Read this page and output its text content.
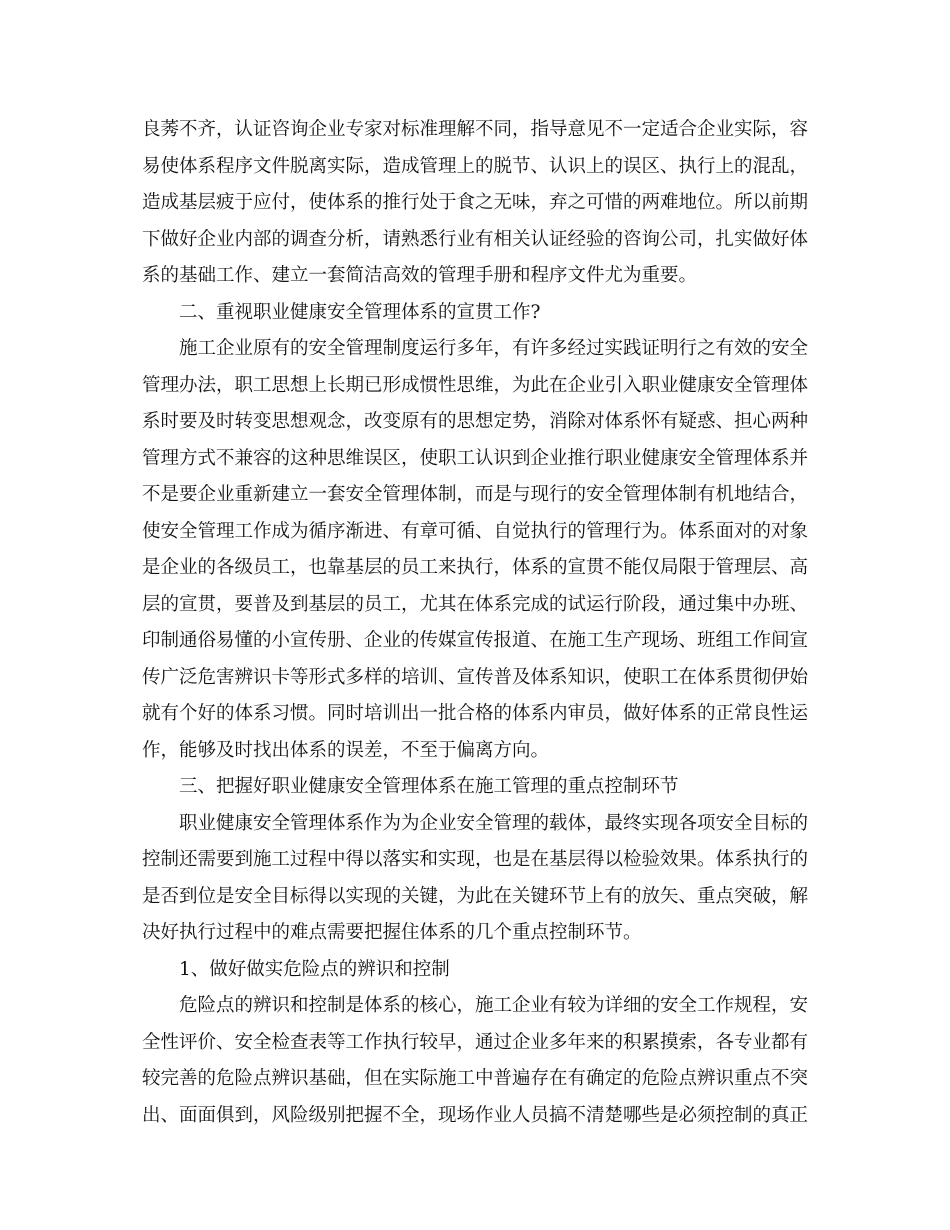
良莠不齐，认证咨询企业专家对标准理解不同，指导意见不一定适合企业实际，容易使体系程序文件脱离实际，造成管理上的脱节、认识上的误区、执行上的混乱，造成基层疲于应付，使体系的推行处于食之无味，弃之可惜的两难地位。所以前期下做好企业内部的调查分析，请熟悉行业有相关认证经验的咨询公司，扎实做好体系的基础工作、建立一套简洁高效的管理手册和程序文件尤为重要。

二、重视职业健康安全管理体系的宣贯工作?

施工企业原有的安全管理制度运行多年，有许多经过实践证明行之有效的安全管理办法，职工思想上长期已形成惯性思维，为此在企业引入职业健康安全管理体系时要及时转变思想观念，改变原有的思想定势，消除对体系怀有疑惑、担心两种管理方式不兼容的这种思维误区，使职工认识到企业推行职业健康安全管理体系并不是要企业重新建立一套安全管理体制，而是与现行的安全管理体制有机地结合，使安全管理工作成为循序渐进、有章可循、自觉执行的管理行为。体系面对的对象是企业的各级员工，也靠基层的员工来执行，体系的宣贯不能仅局限于管理层、高层的宣贯，要普及到基层的员工，尤其在体系完成的试运行阶段，通过集中办班、印制通俗易懂的小宣传册、企业的传媒宣传报道、在施工生产现场、班组工作间宣传广泛危害辨识卡等形式多样的培训、宣传普及体系知识，使职工在体系贯彻伊始就有个好的体系习惯。同时培训出一批合格的体系内审员，做好体系的正常良性运作，能够及时找出体系的误差，不至于偏离方向。

三、把握好职业健康安全管理体系在施工管理的重点控制环节

职业健康安全管理体系作为为企业安全管理的载体，最终实现各项安全目标的控制还需要到施工过程中得以落实和实现，也是在基层得以检验效果。体系执行的是否到位是安全目标得以实现的关键，为此在关键环节上有的放矢、重点突破，解决好执行过程中的难点需要把握住体系的几个重点控制环节。

1、做好做实危险点的辨识和控制

危险点的辨识和控制是体系的核心，施工企业有较为详细的安全工作规程，安全性评价、安全检查表等工作执行较早，通过企业多年来的积累摸索，各专业都有较完善的危险点辨识基础，但在实际施工中普遍存在有确定的危险点辨识重点不突出、面面俱到，风险级别把握不全，现场作业人员搞不清楚哪些是必须控制的真正
